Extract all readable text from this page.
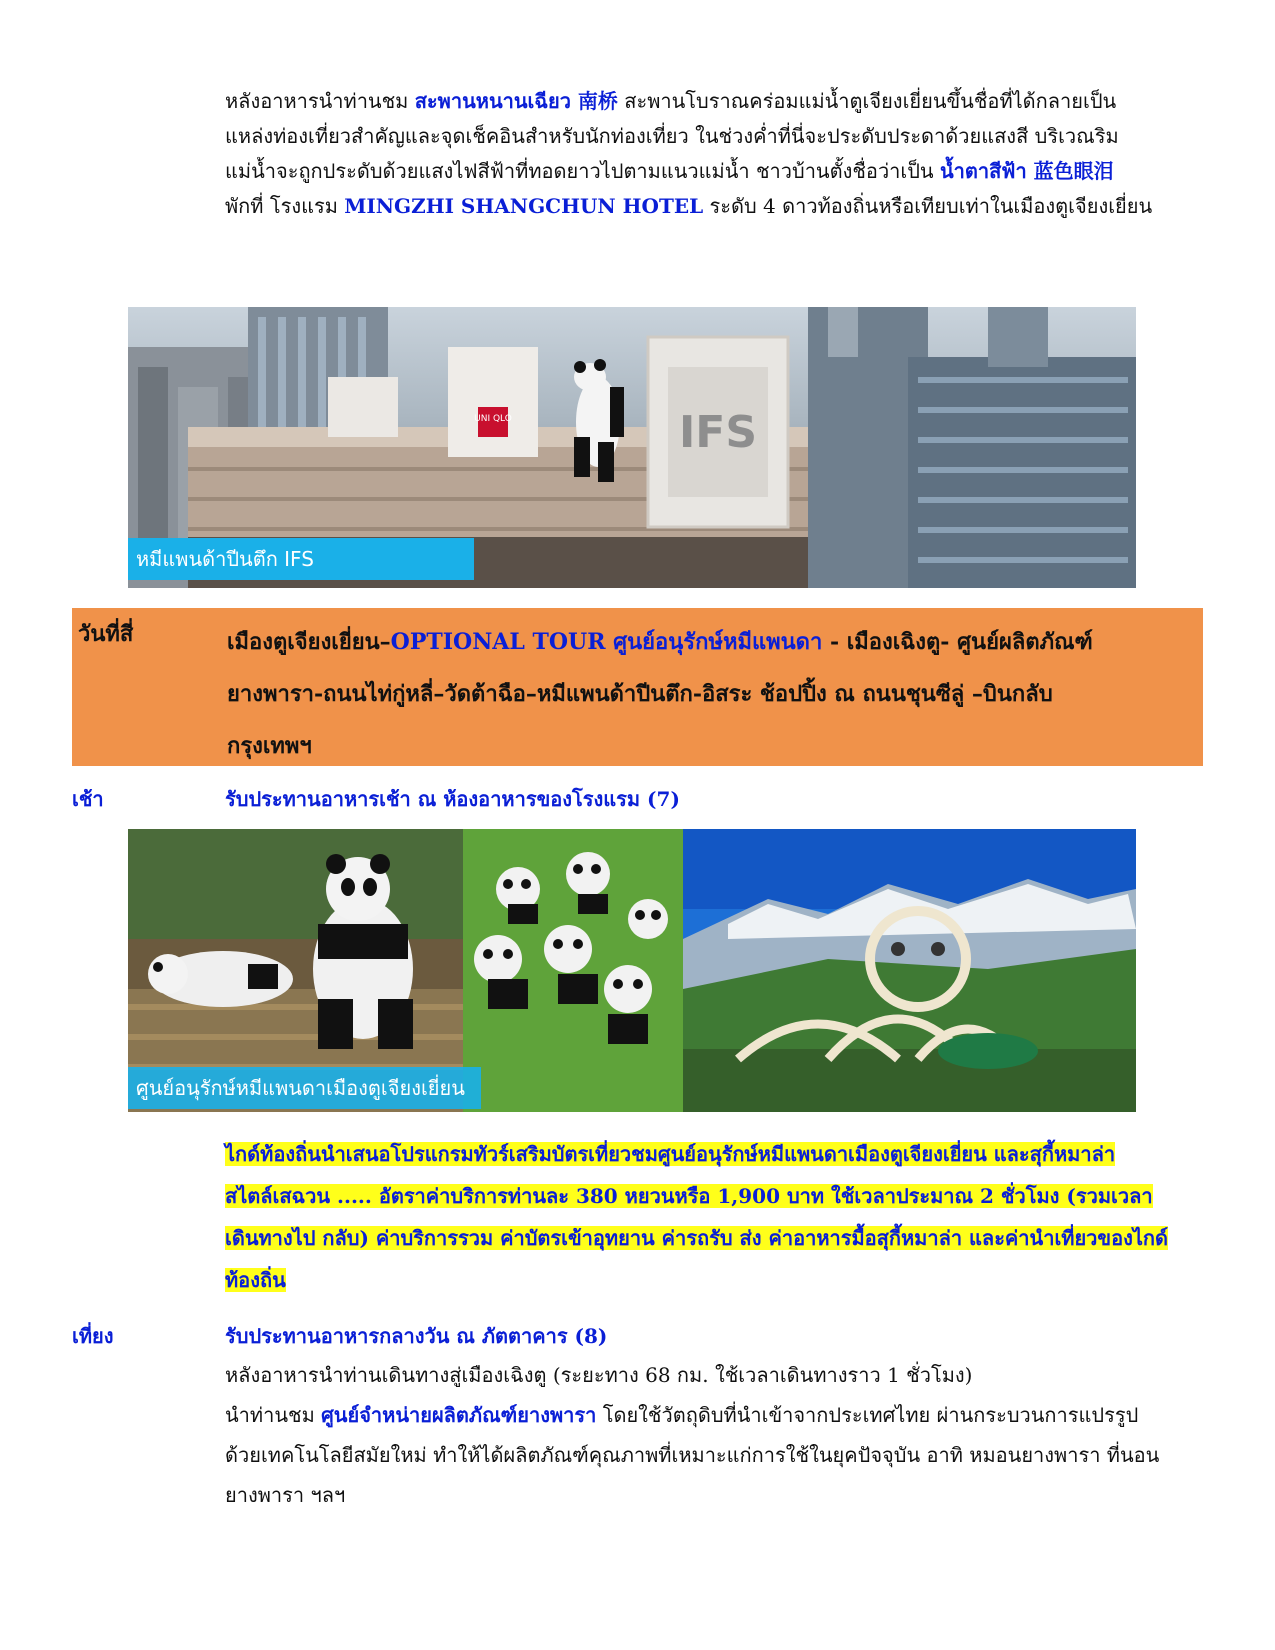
หลังอาหารนำท่านชม สะพานหนานเฉียว 南桥 สะพานโบราณคร่อมแม่น้ำตูเจียงเยี่ยนขึ้นชื่อที่ได้กลายเป็น
แหล่งท่องเที่ยวสำคัญและจุดเช็คอินสำหรับนักท่องเที่ยว ในช่วงค่ำที่นี่จะประดับประดาด้วยแสงสี บริเวณริม
แม่น้ำจะถูกประดับด้วยแสงไฟสีฟ้าที่ทอดยาวไปตามแนวแม่น้ำ ชาวบ้านตั้งชื่อว่าเป็น น้ำตาสีฟ้า 蓝色眼泪
พักที่ โรงแรม MINGZHI SHANGCHUN HOTEL ระดับ 4 ดาวท้องถิ่นหรือเทียบเท่าในเมืองตูเจียงเยี่ยน
UNI QLO	IFS
หมีแพนด้าปีนตึก IFS
วันที่สี่	เมืองตูเจียงเยี่ยน–OPTIONAL TOUR ศูนย์อนุรักษ์หมีแพนดา - เมืองเฉิงตู- ศูนย์ผลิตภัณฑ์
ยางพารา-ถนนไท่กู่หลี่–วัดต้าฉือ–หมีแพนด้าปีนตึก-อิสระ ช้อปปิ้ง ณ ถนนชุนซีลู่ –บินกลับ
กรุงเทพฯ
เช้า	รับประทานอาหารเช้า ณ ห้องอาหารของโรงแรม (7)
ศูนย์อนุรักษ์หมีแพนดาเมืองตูเจียงเยี่ยน
ไกด์ท้องถิ่นนำเสนอโปรแกรมทัวร์เสริมบัตรเที่ยวชมศูนย์อนุรักษ์หมีแพนดาเมืองตูเจียงเยี่ยน และสุกี้หมาล่า
สไตล์เสฉวน ..... อัตราค่าบริการท่านละ 380 หยวนหรือ 1,900 บาท ใช้เวลาประมาณ 2 ชั่วโมง (รวมเวลา
เดินทางไป กลับ) ค่าบริการรวม ค่าบัตรเข้าอุทยาน ค่ารถรับ ส่ง ค่าอาหารมื้อสุกี้หมาล่า และค่านำเที่ยวของไกด์
ท้องถิ่น
เที่ยง	รับประทานอาหารกลางวัน ณ ภัตตาคาร (8)
หลังอาหารนำท่านเดินทางสู่เมืองเฉิงตู (ระยะทาง 68 กม. ใช้เวลาเดินทางราว 1 ชั่วโมง)
นำท่านชม ศูนย์จำหน่ายผลิตภัณฑ์ยางพารา โดยใช้วัตถุดิบที่นำเข้าจากประเทศไทย ผ่านกระบวนการแปรรูป
ด้วยเทคโนโลยีสมัยใหม่ ทำให้ได้ผลิตภัณฑ์คุณภาพที่เหมาะแก่การใช้ในยุคปัจจุบัน อาทิ หมอนยางพารา ที่นอน
ยางพารา ฯลฯ
